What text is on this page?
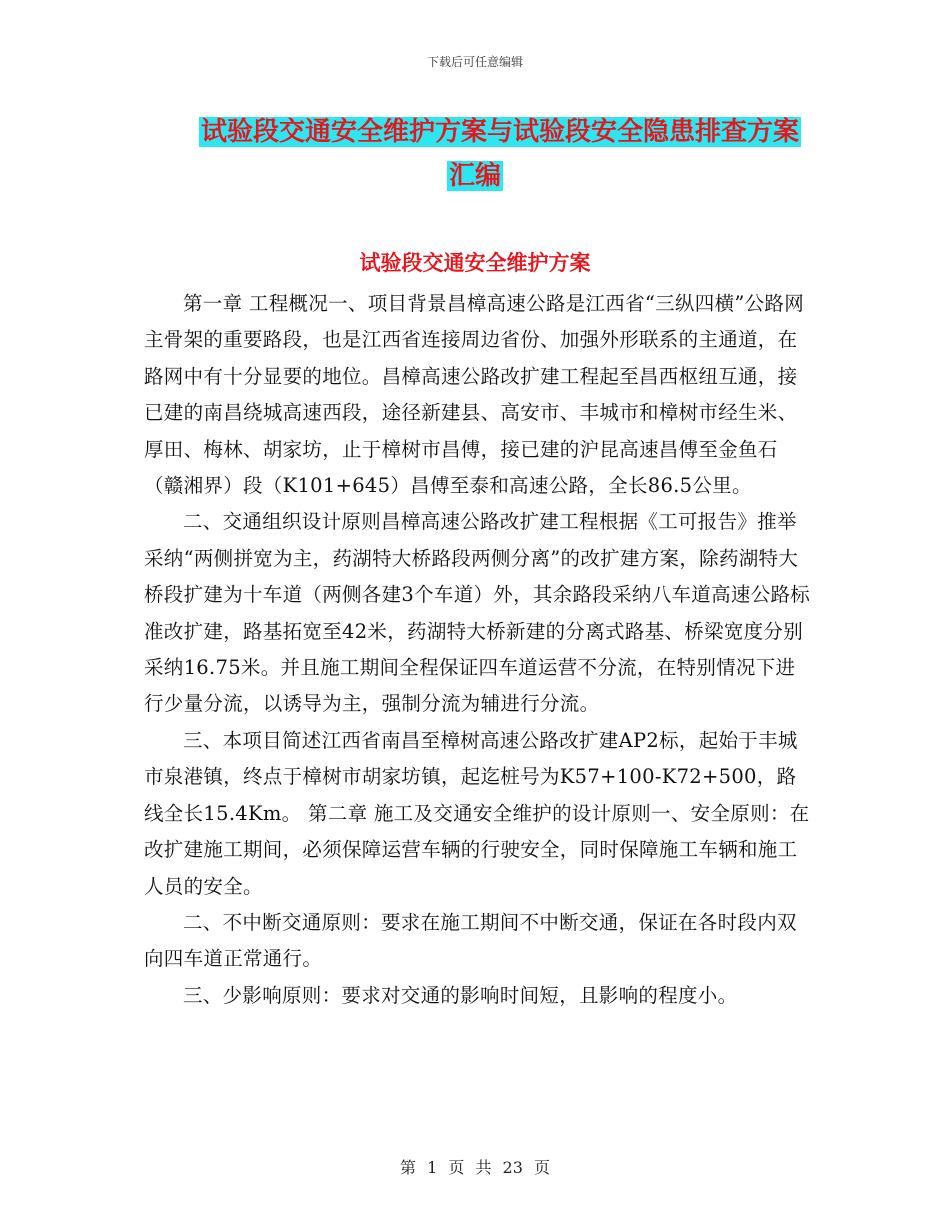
下载后可任意编辑
试验段交通安全维护方案与试验段安全隐患排查方案
汇编
试验段交通安全维护方案

第一章 工程概况一、项目背景昌樟高速公路是江西省“三纵四横”公路网主骨架的重要路段，也是江西省连接周边省份、加强外形联系的主通道，在路网中有十分显要的地位。昌樟高速公路改扩建工程起至昌西枢纽互通，接已建的南昌绕城高速西段，途径新建县、高安市、丰城市和樟树市经生米、厚田、梅林、胡家坊，止于樟树市昌傅，接已建的沪昆高速昌傅至金鱼石（赣湘界）段（K101+645）昌傅至泰和高速公路，全长86.5公里。

二、交通组织设计原则昌樟高速公路改扩建工程根据《工可报告》推举采纳“两侧拼宽为主，药湖特大桥路段两侧分离”的改扩建方案，除药湖特大桥段扩建为十车道（两侧各建3个车道）外，其余路段采纳八车道高速公路标准改扩建，路基拓宽至42米，药湖特大桥新建的分离式路基、桥梁宽度分别采纳16.75米。并且施工期间全程保证四车道运营不分流，在特别情况下进行少量分流，以诱导为主，强制分流为辅进行分流。

三、本项目简述江西省南昌至樟树高速公路改扩建AP2标，起始于丰城市泉港镇，终点于樟树市胡家坊镇，起迄桩号为K57+100-K72+500，路线全长15.4Km。 第二章 施工及交通安全维护的设计原则一、安全原则：在改扩建施工期间，必须保障运营车辆的行驶安全，同时保障施工车辆和施工人员的安全。

二、不中断交通原则：要求在施工期间不中断交通，保证在各时段内双向四车道正常通行。

三、少影响原则：要求对交通的影响时间短，且影响的程度小。

第 1 页 共 23 页
